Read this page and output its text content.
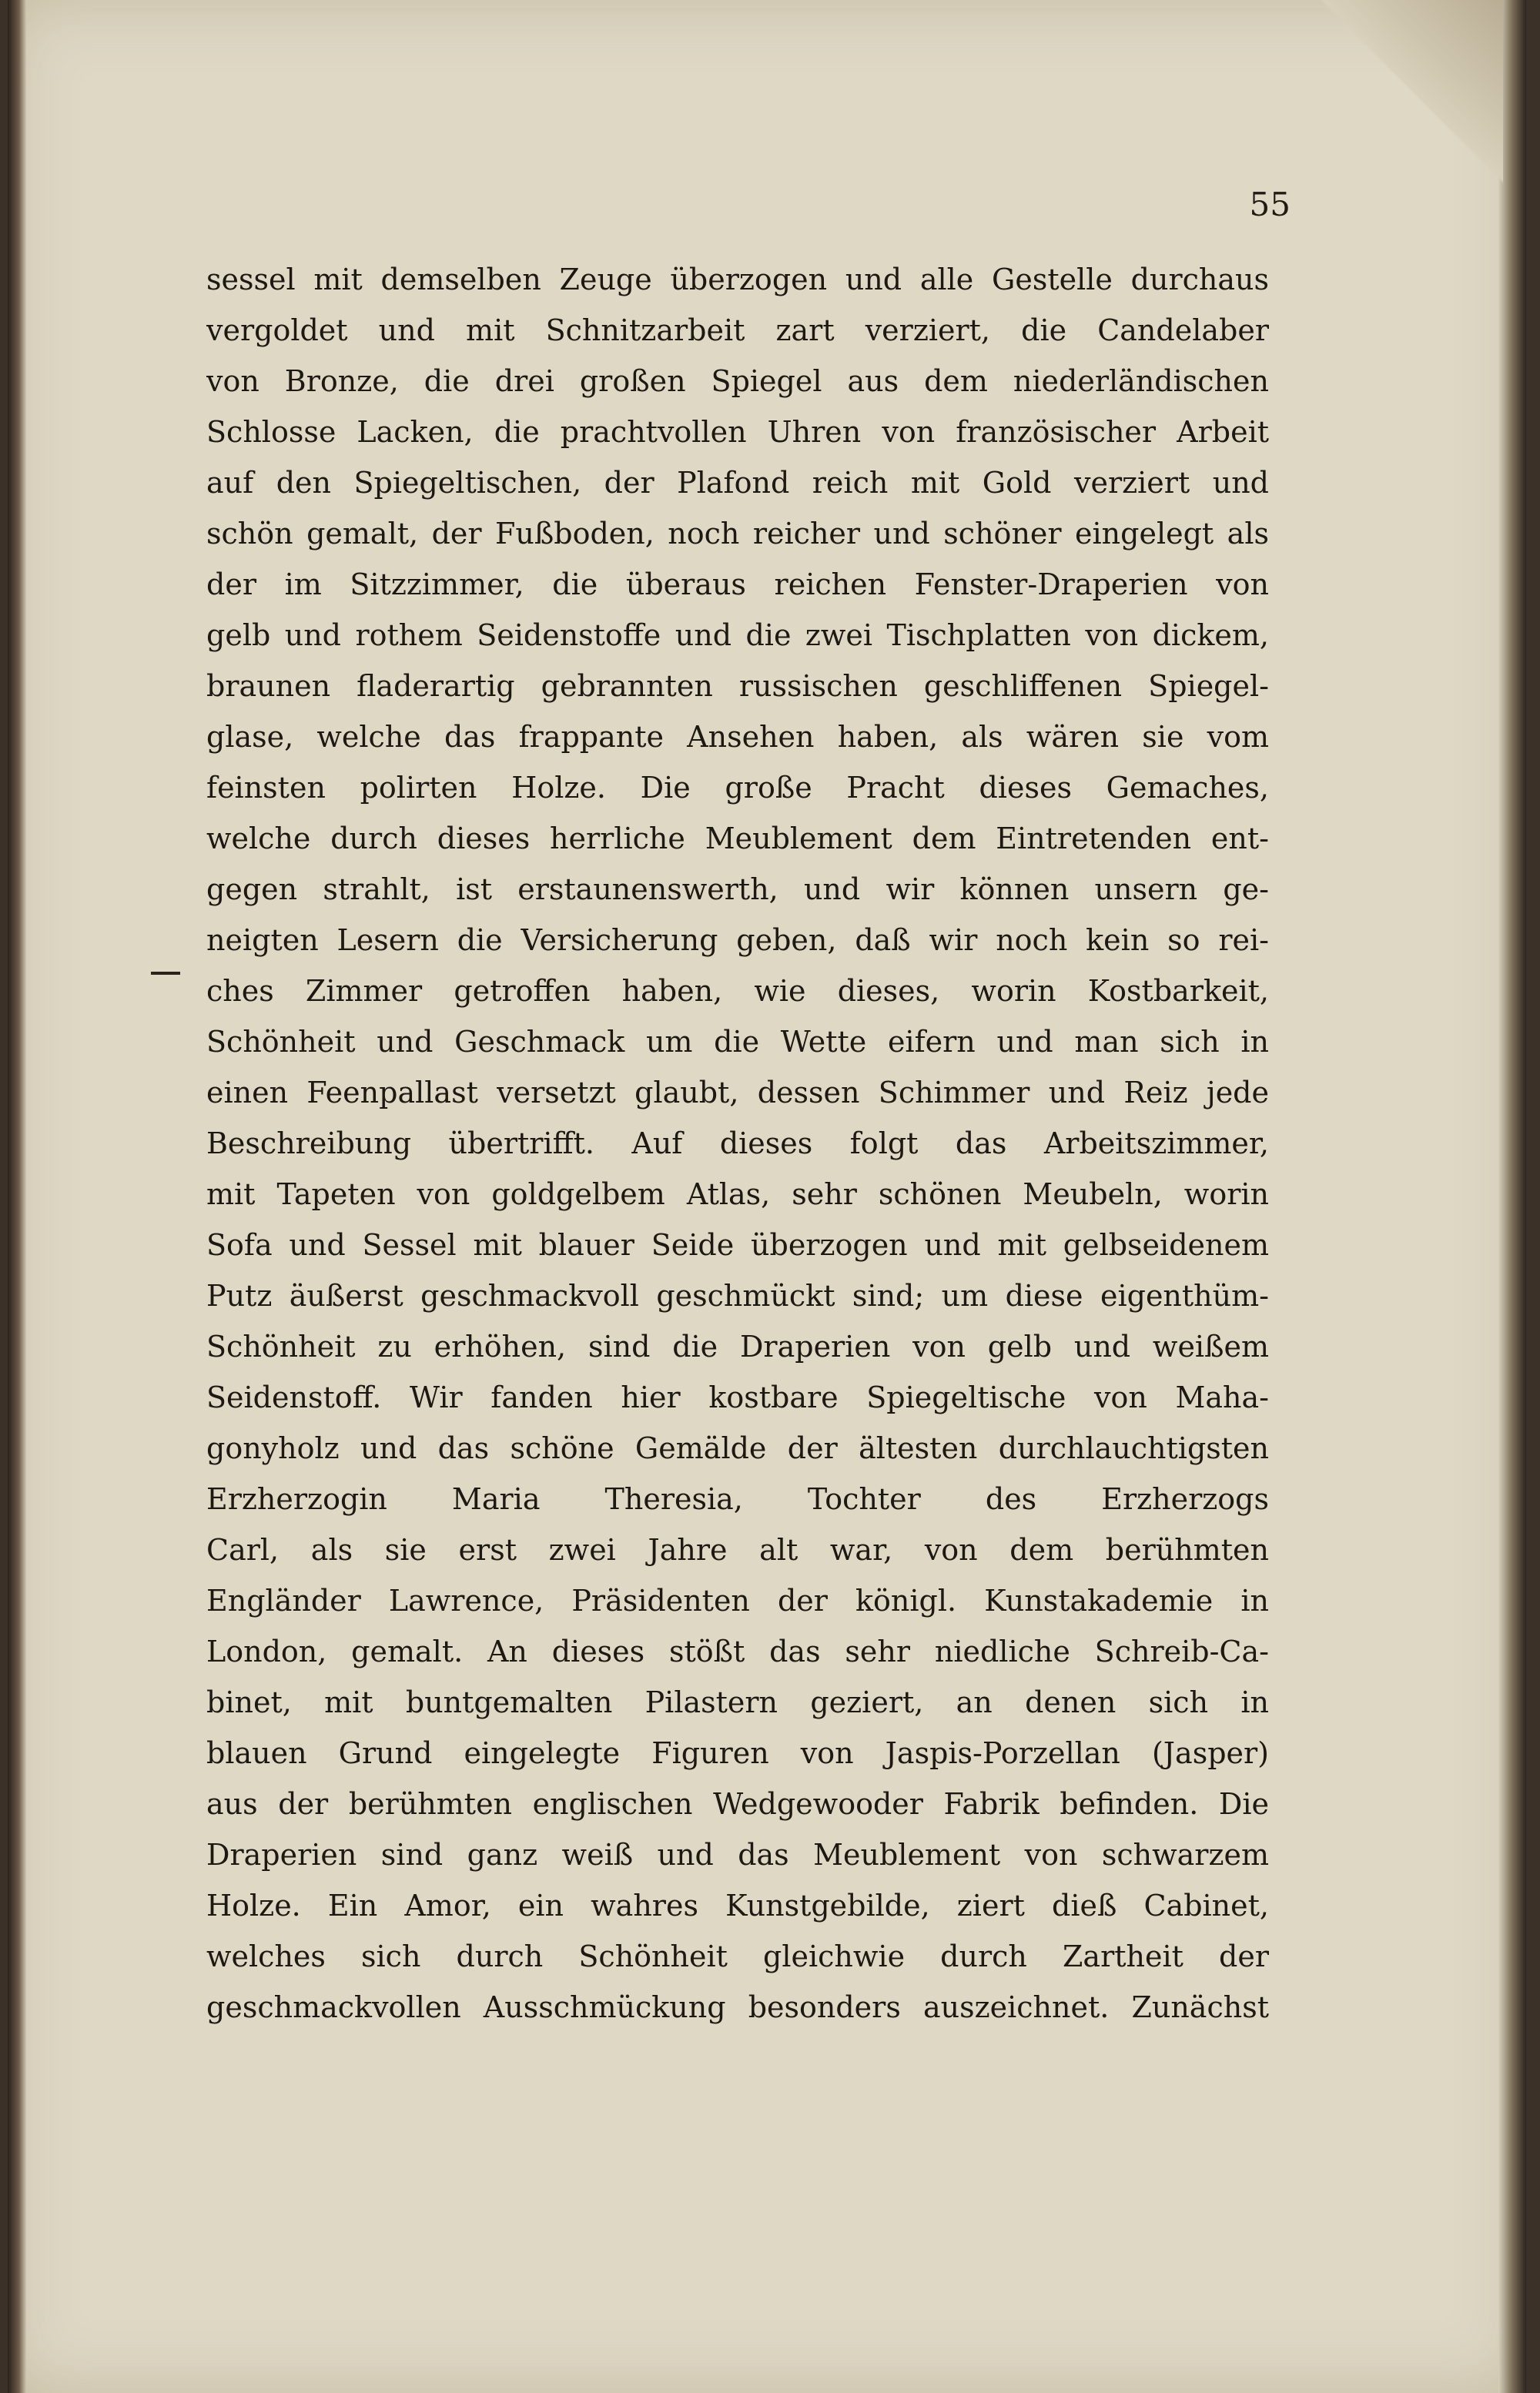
55
sessel mit demselben Zeuge überzogen und alle Gestelle durchaus
vergoldet und mit Schnitzarbeit zart verziert, die Candelaber
von Bronze, die drei großen Spiegel aus dem niederländischen
Schlosse Lacken, die prachtvollen Uhren von französischer Arbeit
auf den Spiegeltischen, der Plafond reich mit Gold verziert und
schön gemalt, der Fußboden, noch reicher und schöner eingelegt als
der im Sitzzimmer, die überaus reichen Fenster-Draperien von
gelb und rothem Seidenstoffe und die zwei Tischplatten von dickem,
braunen fladerartig gebrannten russischen geschliffenen Spiegel-
glase, welche das frappante Ansehen haben, als wären sie vom
feinsten polirten Holze. Die große Pracht dieses Gemaches,
welche durch dieses herrliche Meublement dem Eintretenden ent-
gegen strahlt, ist erstaunenswerth, und wir können unsern ge-
neigten Lesern die Versicherung geben, daß wir noch kein so rei-
ches Zimmer getroffen haben, wie dieses, worin Kostbarkeit,
Schönheit und Geschmack um die Wette eifern und man sich in
einen Feenpallast versetzt glaubt, dessen Schimmer und Reiz jede
Beschreibung übertrifft. Auf dieses folgt das Arbeitszimmer,
mit Tapeten von goldgelbem Atlas, sehr schönen Meubeln, worin
Sofa und Sessel mit blauer Seide überzogen und mit gelbseidenem
Putz äußerst geschmackvoll geschmückt sind; um diese eigenthüm-
Schönheit zu erhöhen, sind die Draperien von gelb und weißem
Seidenstoff. Wir fanden hier kostbare Spiegeltische von Maha-
gonyholz und das schöne Gemälde der ältesten durchlauchtigsten
Erzherzogin Maria Theresia, Tochter des Erzherzogs
Carl, als sie erst zwei Jahre alt war, von dem berühmten
Engländer Lawrence, Präsidenten der königl. Kunstakademie in
London, gemalt. An dieses stößt das sehr niedliche Schreib-Ca-
binet, mit buntgemalten Pilastern geziert, an denen sich in
blauen Grund eingelegte Figuren von Jaspis-Porzellan (Jasper)
aus der berühmten englischen Wedgewooder Fabrik befinden. Die
Draperien sind ganz weiß und das Meublement von schwarzem
Holze. Ein Amor, ein wahres Kunstgebilde, ziert dieß Cabinet,
welches sich durch Schönheit gleichwie durch Zartheit der
geschmackvollen Ausschmückung besonders auszeichnet. Zunächst
